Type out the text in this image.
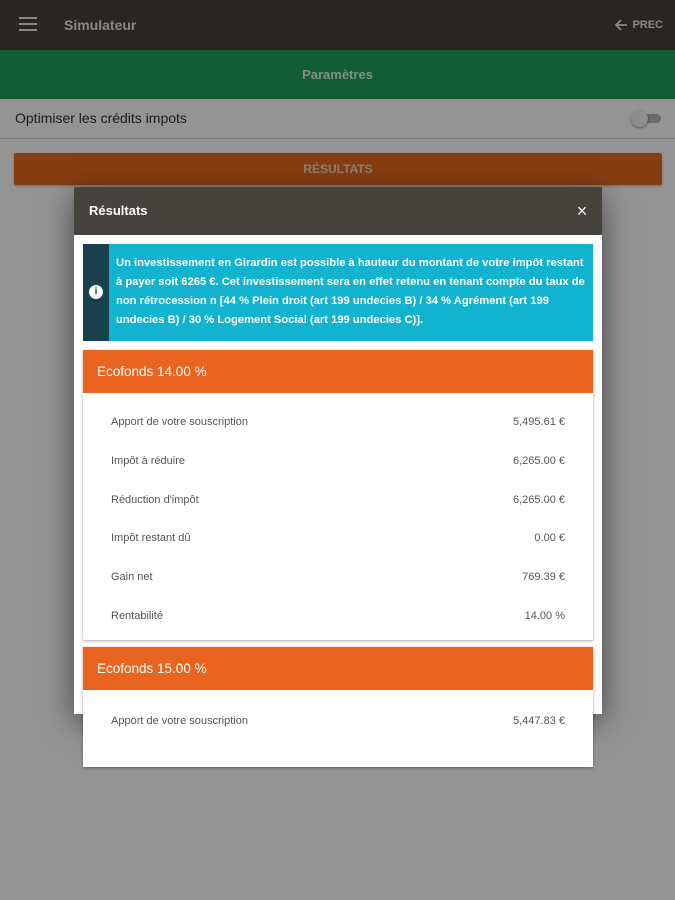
Simulateur	PREC
Paramètres
Optimiser les crédits impots
RÉSULTATS
Résultats	×
i
Un investissement en Girardin est possible à hauteur du montant de votre impôt restant à payer soit 6265 €. Cet investissement sera en effet retenu en tenant compte du taux de non rétrocession n [44 % Plein droit (art 199 undecies B) / 34 % Agrément (art 199 undecies B) / 30 % Logement Social (art 199 undecies C)].
Ecofonds 14.00 %
Apport de votre souscription	5,495.61 €
Impôt à réduire	6,265.00 €
Réduction d'impôt	6,265.00 €
Impôt restant dû	0.00 €
Gain net	769.39 €
Rentabilité	14.00 %
Ecofonds 15.00 %
Apport de votre souscription	5,447.83 €
